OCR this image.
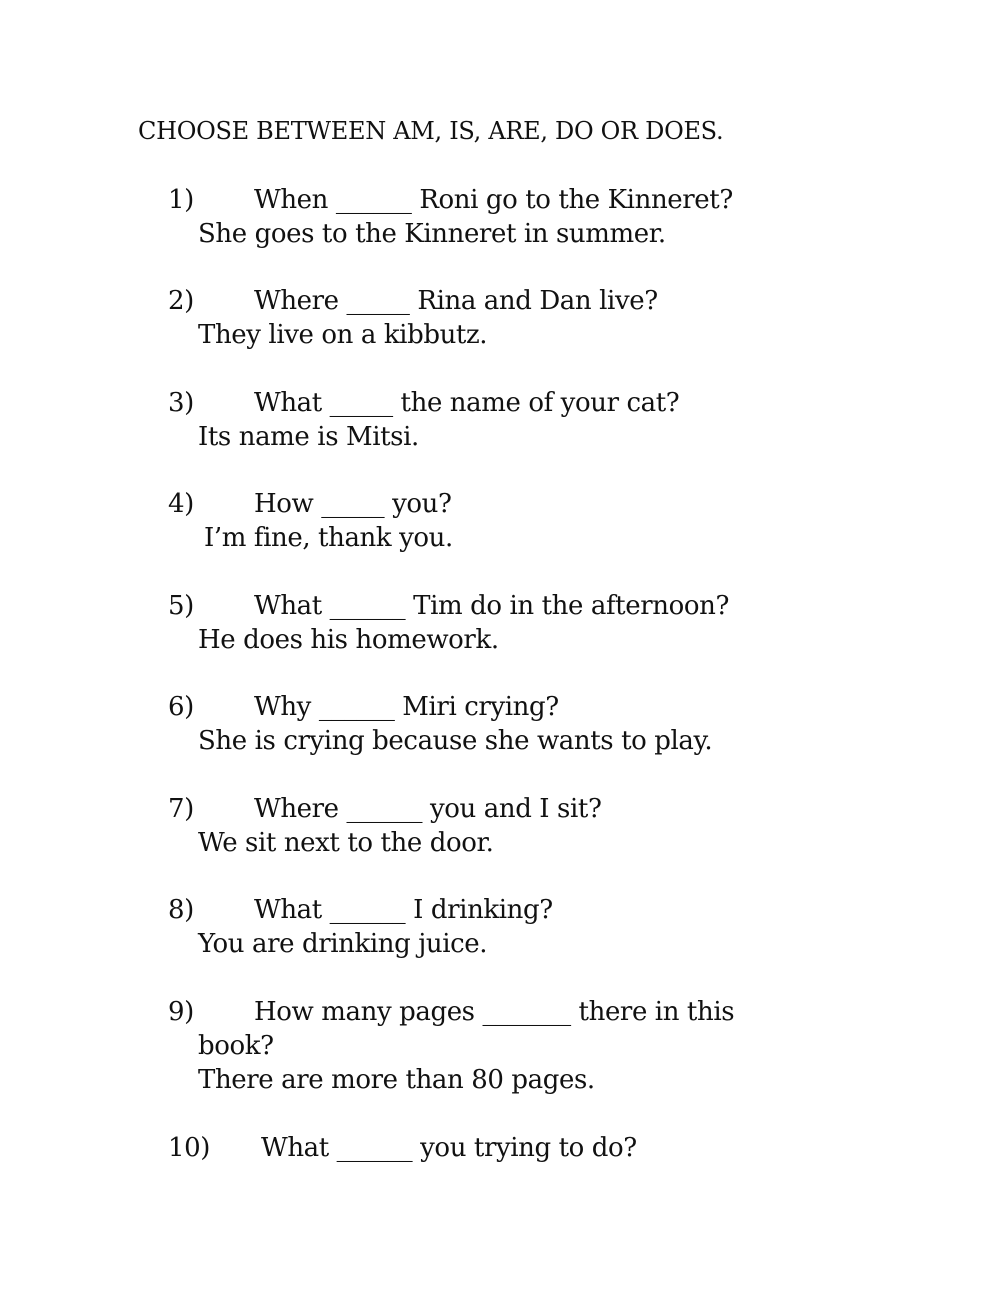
CHOOSE BETWEEN AM, IS, ARE, DO OR DOES.
1) When ______ Roni go to the Kinneret?
She goes to the Kinneret in summer.
2) Where _____ Rina and Dan live?
They live on a kibbutz.
3) What _____ the name of your cat?
Its name is Mitsi.
4) How _____ you?
I’m fine, thank you.
5) What ______ Tim do in the afternoon?
He does his homework.
6) Why ______ Miri crying?
She is crying because she wants to play.
7) Where ______ you and I sit?
We sit next to the door.
8) What ______ I drinking?
You are drinking juice.
9) How many pages _______ there in this
book?
There are more than 80 pages.
10) What ______ you trying to do?
